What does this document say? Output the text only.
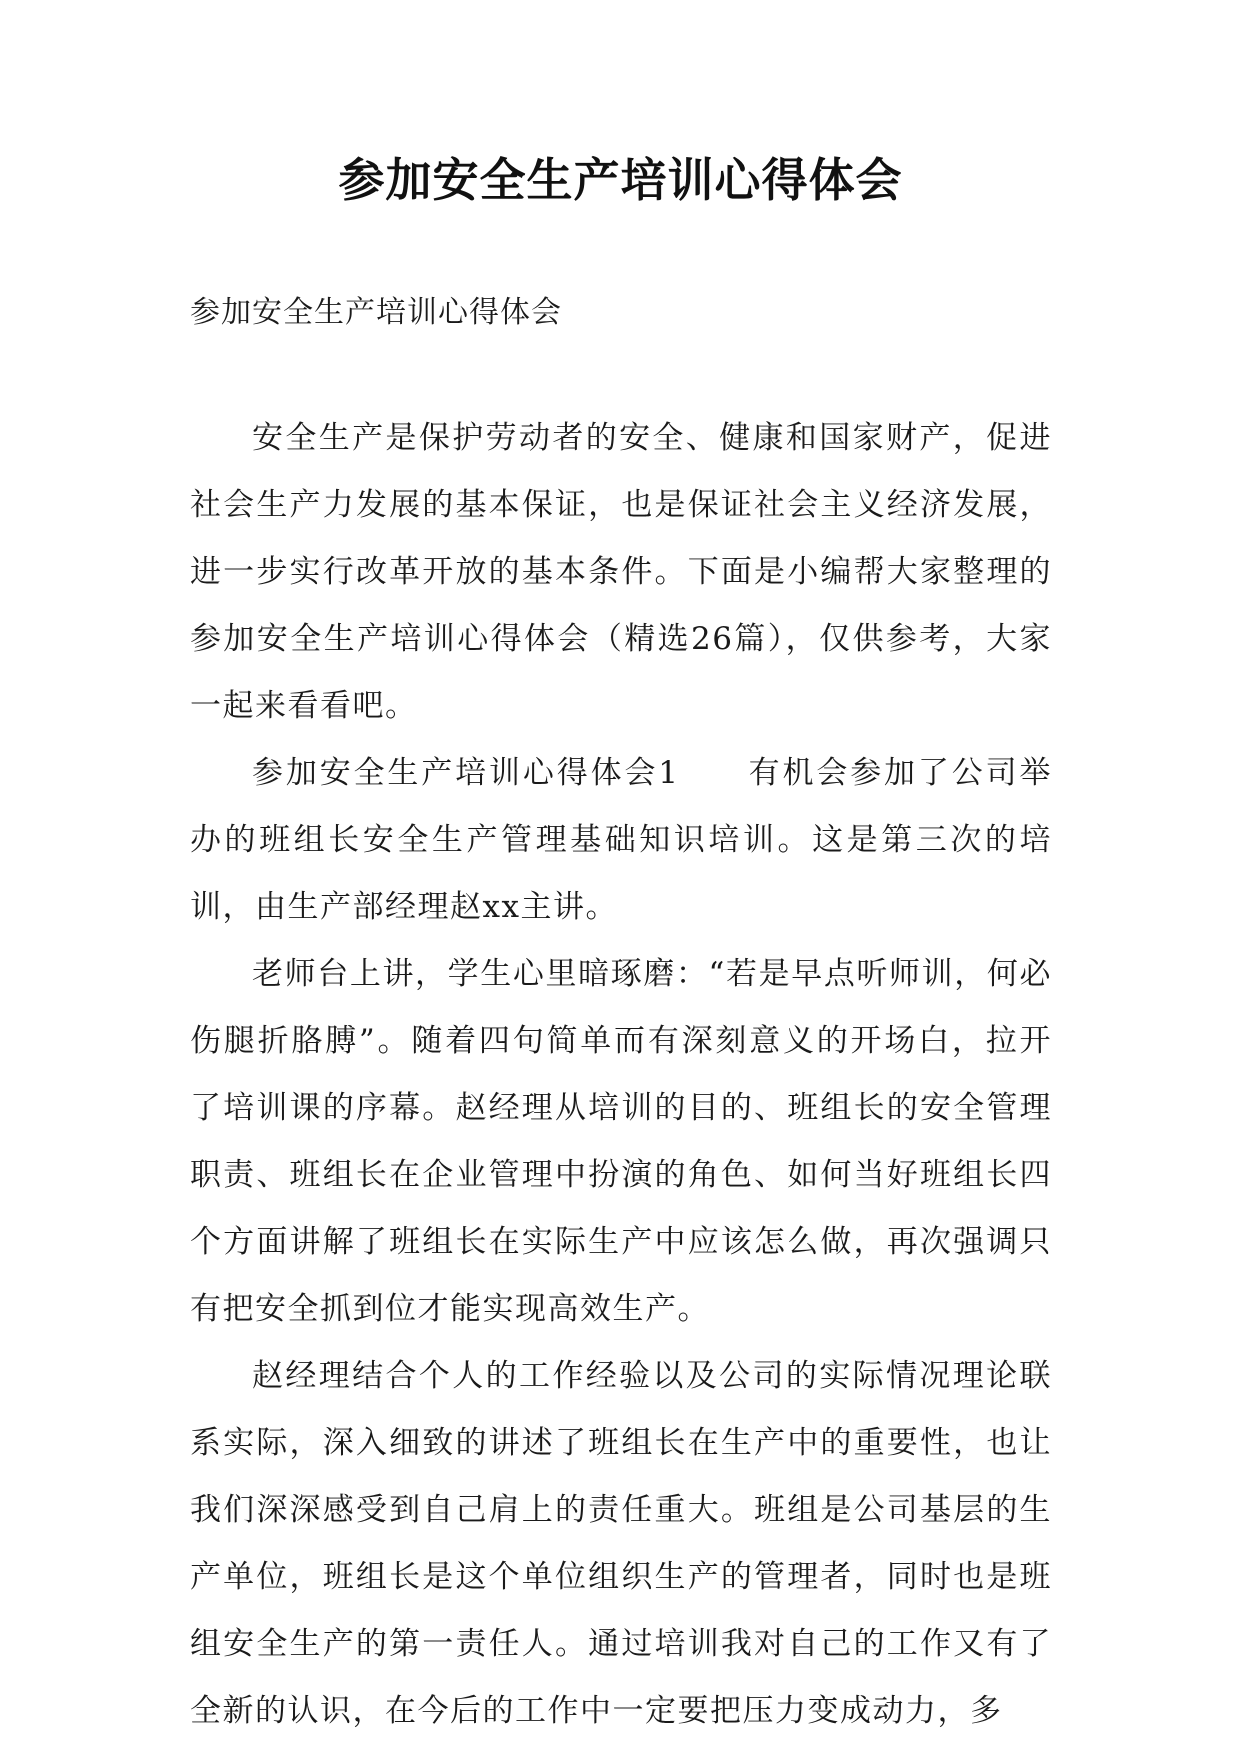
参加安全生产培训心得体会

参加安全生产培训心得体会

安全生产是保护劳动者的安全、健康和国家财产，促进社会生产力发展的基本保证，也是保证社会主义经济发展，进一步实行改革开放的基本条件。下面是小编帮大家整理的参加安全生产培训心得体会（精选26篇），仅供参考，大家一起来看看吧。

参加安全生产培训心得体会1　　有机会参加了公司举办的班组长安全生产管理基础知识培训。这是第三次的培训，由生产部经理赵xx主讲。

老师台上讲，学生心里暗琢磨：“若是早点听师训，何必伤腿折胳膊”。随着四句简单而有深刻意义的开场白，拉开了培训课的序幕。赵经理从培训的目的、班组长的安全管理职责、班组长在企业管理中扮演的角色、如何当好班组长四个方面讲解了班组长在实际生产中应该怎么做，再次强调只有把安全抓到位才能实现高效生产。

赵经理结合个人的工作经验以及公司的实际情况理论联系实际，深入细致的讲述了班组长在生产中的重要性，也让我们深深感受到自己肩上的责任重大。班组是公司基层的生产单位，班组长是这个单位组织生产的管理者，同时也是班组安全生产的第一责任人。通过培训我对自己的工作又有了全新的认识，在今后的工作中一定要把压力变成动力，多
